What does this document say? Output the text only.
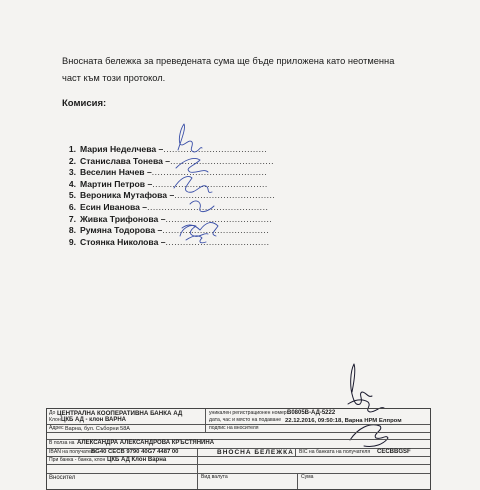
Вносната бележка за преведената сума ще бъде приложена като неотменна

част към този протокол.

Комисия:
1. Мария Неделчева – ....................................
2. Станислава Тонева – ....................................
3. Веселин Начев – ........................................
4. Мартин Петров – ........................................
5. Вероника Мутафова – ...................................
6. Есин Иванова – ..........................................
7. Живка Трифонова – .....................................
8. Румяна Тодорова – .....................................
9. Стоянка Николова – ....................................
До ЦЕНТРАЛНА КООПЕРАТИВНА БАНКА АД
Клон ЦКБ АД - клон ВАРНА
Адрес Варна, бул. Съборни 58А
уникален регистрационен номер:
B0805B-АД-5222
дата, час и място на подаване 22.12.2016, 09:50:18, Варна НРМ Елпром
подпис на вносителя
В полза на АЛЕКСАНДРА АЛЕКСАНДРОВА КРЪСТЯНИНА
IBAN на получателя
BG40 CECB 9790 40G7 4487 00	ВНОСНА БЕЛЕЖКА BIC на банката на получателя CECBBGSF
При банка - банка, клон ЦКБ АД Клон Варна
Вносител	Вид валута	Сума
